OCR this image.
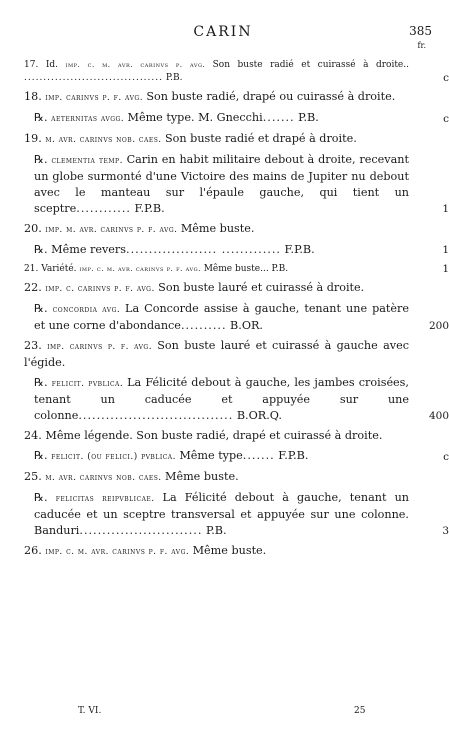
CARIN	385
fr.
17. Id. imp. c. m. avr. carinvs p. avg. Son buste radié et cuirassé à droite.. .................................... P.B.	c
18. imp. carinvs p. f. avg. Son buste radié, drapé ou cuirassé à droite.
℞. aeternitas avgg. Même type. M. Gnecchi....... P.B.	c
19. m. avr. carinvs nob. caes. Son buste radié et drapé à droite.
℞. clementia temp. Carin en habit militaire debout à droite, recevant un globe surmonté d'une Victoire des mains de Jupiter nu debout avec le manteau sur l'épaule gauche, qui tient un sceptre............ F.P.B.	1
20. imp. m. avr. carinvs p. f. avg. Même buste.
℞. Même revers.................... ............. F.P.B.	1
21. Variété. imp. c. m. avr. carinvs p. f. avg. Même buste... P.B.	1
22. imp. c. carinvs p. f. avg. Son buste lauré et cuirassé à droite.
℞. concordia avg. La Concorde assise à gauche, tenant une patère et une corne d'abondance.......... B.OR.	200
23. imp. carinvs p. f. avg. Son buste lauré et cuirassé à gauche avec l'égide.
℞. felicit. pvblica. La Félicité debout à gauche, les jambes croisées, tenant un caducée et appuyée sur une colonne.................................. B.OR.Q.	400
24. Même légende. Son buste radié, drapé et cuirassé à droite.
℞. felicit. (ou felici.) pvblica. Même type....... F.P.B.	c
25. m. avr. carinvs nob. caes. Même buste.
℞. felicitas reipvblicae. La Félicité debout à gauche, tenant un caducée et un sceptre transversal et appuyée sur une colonne. Banduri........................... P.B.	3
26. imp. c. m. avr. carinvs p. f. avg. Même buste.
T. VI.	25
